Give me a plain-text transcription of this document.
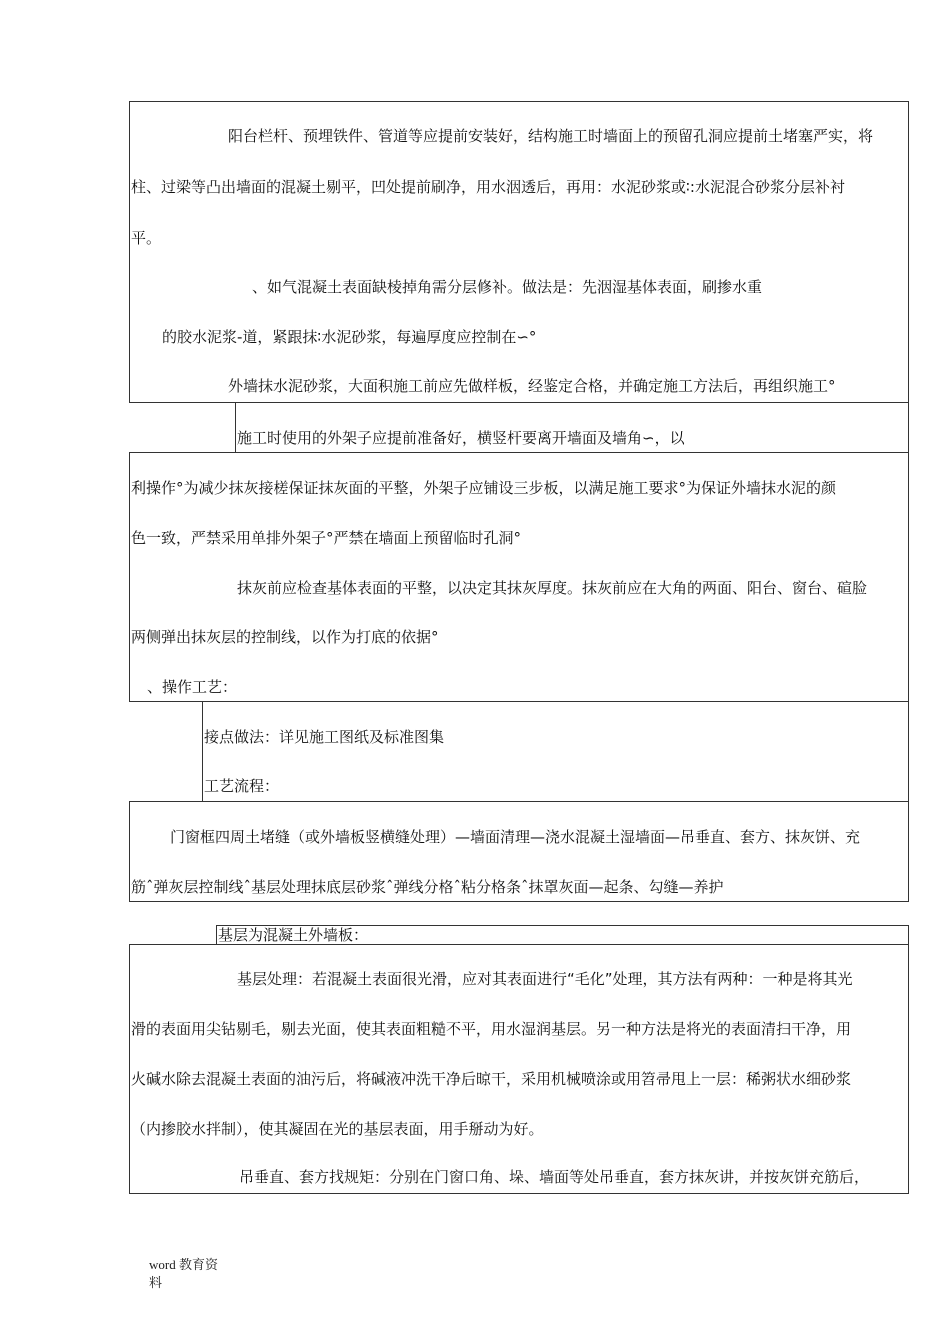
阳台栏杆、预埋铁件、管道等应提前安装好，结构施工时墙面上的预留孔洞应提前土堵塞严实，将
柱、过梁等凸出墙面的混凝土剔平，凹处提前刷净，用水洇透后，再用：水泥砂浆或∶:水泥混合砂浆分层补衬
平。
、如气混凝土表面缺棱掉角需分层修补。做法是：先洇湿基体表面，刷掺水重
的胶水泥浆-道，紧跟抹∶水泥砂浆，每遍厚度应控制在∽°
外墙抹水泥砂浆，大面积施工前应先做样板，经鉴定合格，并确定施工方法后，再组织施工°
施工时使用的外架子应提前准备好，横竖杆要离开墙面及墙角∽，以
利操作°为减少抹灰接槎保证抹灰面的平整，外架子应铺设三步板，以满足施工要求°为保证外墙抹水泥的颜
色一致，严禁采用单排外架子°严禁在墙面上预留临时孔洞°
抹灰前应检查基体表面的平整，以决定其抹灰厚度。抹灰前应在大角的两面、阳台、窗台、碹脸
两侧弹出抹灰层的控制线，以作为打底的依据°
、操作工艺：
接点做法：详见施工图纸及标准图集
工艺流程：
门窗框四周土堵缝（或外墙板竖横缝处理）—墙面清理—浇水混凝土湿墙面—吊垂直、套方、抹灰饼、充
筋ˆ弹灰层控制线ˆ基层处理抹底层砂浆ˆ弹线分格ˆ粘分格条ˆ抹罩灰面—起条、勾缝—养护
基层为混凝土外墙板：
基层处理：若混凝土表面很光滑，应对其表面进行“毛化”处理，其方法有两种：一种是将其光
滑的表面用尖钻剔毛，剔去光面，使其表面粗糙不平，用水湿润基层。另一种方法是将光的表面清扫干净，用
火碱水除去混凝土表面的油污后，将碱液冲洗干净后晾干，采用机械喷涂或用笤帚甩上一层：稀粥状水细砂浆
（内掺胶水拌制），使其凝固在光的基层表面，用手掰动为好。
吊垂直、套方找规矩：分别在门窗口角、垛、墙面等处吊垂直，套方抹灰讲，并按灰饼充筋后，
word 教育资
料
